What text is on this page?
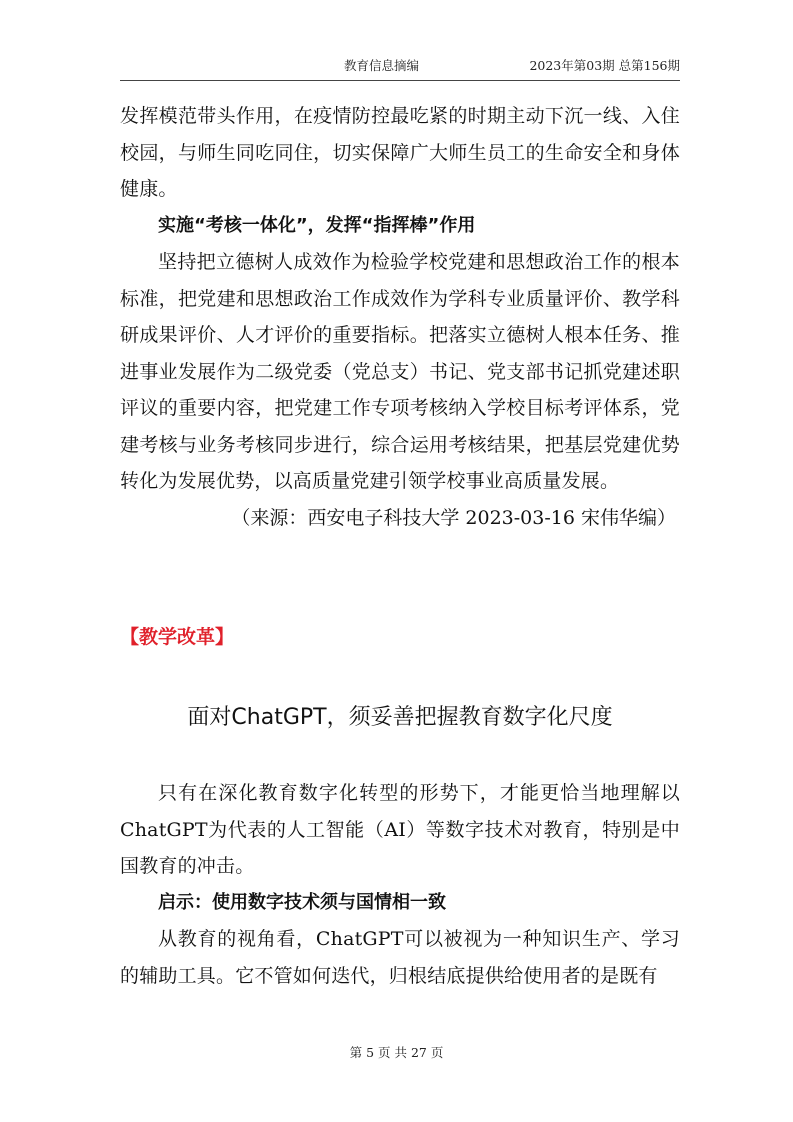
教育信息摘编	2023年第03期 总第156期

发挥模范带头作用，在疫情防控最吃紧的时期主动下沉一线、入住校园，与师生同吃同住，切实保障广大师生员工的生命安全和身体健康。

实施“考核一体化”，发挥“指挥棒”作用

坚持把立德树人成效作为检验学校党建和思想政治工作的根本标准，把党建和思想政治工作成效作为学科专业质量评价、教学科研成果评价、人才评价的重要指标。把落实立德树人根本任务、推进事业发展作为二级党委（党总支）书记、党支部书记抓党建述职评议的重要内容，把党建工作专项考核纳入学校目标考评体系，党建考核与业务考核同步进行，综合运用考核结果，把基层党建优势转化为发展优势，以高质量党建引领学校事业高质量发展。

（来源：西安电子科技大学 2023-03-16 宋伟华编）

【教学改革】
面对ChatGPT，须妥善把握教育数字化尺度

只有在深化教育数字化转型的形势下，才能更恰当地理解以ChatGPT为代表的人工智能（AI）等数字技术对教育，特别是中国教育的冲击。

启示：使用数字技术须与国情相一致

从教育的视角看，ChatGPT可以被视为一种知识生产、学习的辅助工具。它不管如何迭代，归根结底提供给使用者的是既有

第 5 页 共 27 页
